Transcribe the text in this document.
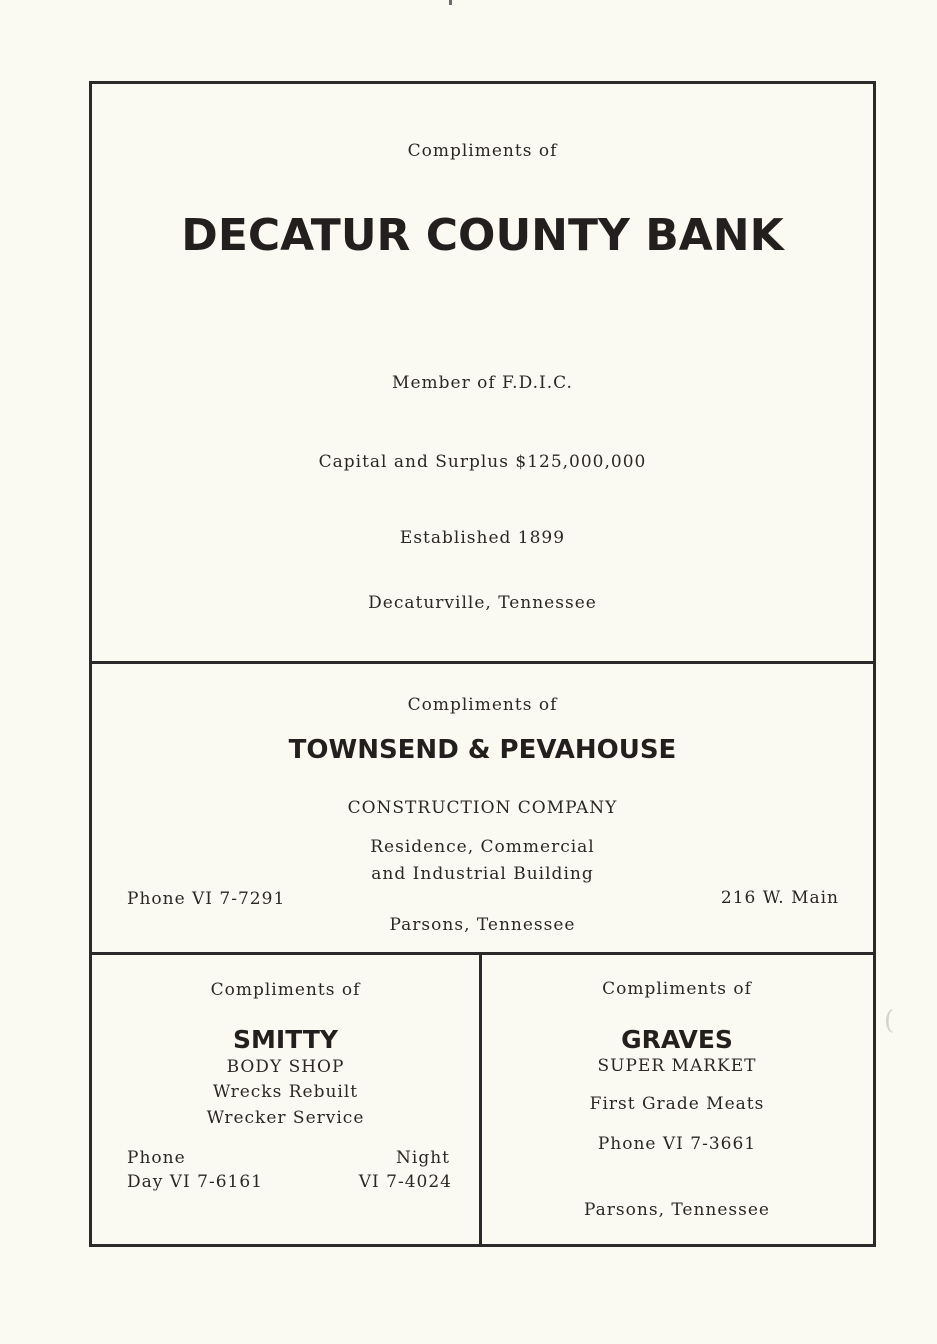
Compliments of
DECATUR COUNTY BANK
Member of F.D.I.C.
Capital and Surplus $125,000,000
Established 1899
Decaturville, Tennessee
Compliments of
TOWNSEND & PEVAHOUSE
CONSTRUCTION COMPANY
Residence, Commercial
and Industrial Building
Phone VI 7-7291	216 W. Main
Parsons, Tennessee
Compliments of
SMITTY
BODY SHOP
Wrecks Rebuilt
Wrecker Service
Phone	Night
Day VI 7-6161	VI 7-4024
Compliments of
GRAVES
SUPER MARKET
First Grade Meats
Phone VI 7-3661
Parsons, Tennessee
(
